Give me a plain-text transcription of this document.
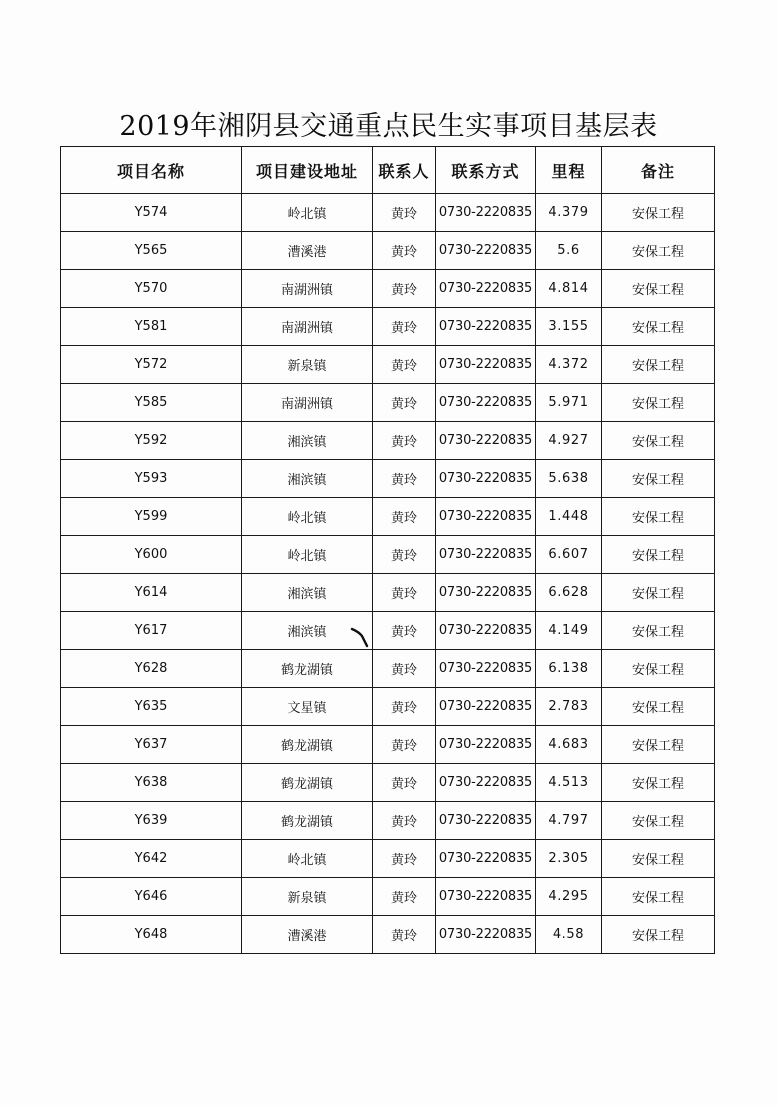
2019年湘阴县交通重点民生实事项目基层表
项目名称	项目建设地址	联系人	联系方式	里程	备注
Y574	岭北镇	黄玲	0730-2220835	4.379	安保工程
Y565	漕溪港	黄玲	0730-2220835	5.6	安保工程
Y570	南湖洲镇	黄玲	0730-2220835	4.814	安保工程
Y581	南湖洲镇	黄玲	0730-2220835	3.155	安保工程
Y572	新泉镇	黄玲	0730-2220835	4.372	安保工程
Y585	南湖洲镇	黄玲	0730-2220835	5.971	安保工程
Y592	湘滨镇	黄玲	0730-2220835	4.927	安保工程
Y593	湘滨镇	黄玲	0730-2220835	5.638	安保工程
Y599	岭北镇	黄玲	0730-2220835	1.448	安保工程
Y600	岭北镇	黄玲	0730-2220835	6.607	安保工程
Y614	湘滨镇	黄玲	0730-2220835	6.628	安保工程
Y617	湘滨镇	黄玲	0730-2220835	4.149	安保工程
Y628	鹤龙湖镇	黄玲	0730-2220835	6.138	安保工程
Y635	文星镇	黄玲	0730-2220835	2.783	安保工程
Y637	鹤龙湖镇	黄玲	0730-2220835	4.683	安保工程
Y638	鹤龙湖镇	黄玲	0730-2220835	4.513	安保工程
Y639	鹤龙湖镇	黄玲	0730-2220835	4.797	安保工程
Y642	岭北镇	黄玲	0730-2220835	2.305	安保工程
Y646	新泉镇	黄玲	0730-2220835	4.295	安保工程
Y648	漕溪港	黄玲	0730-2220835	4.58	安保工程
